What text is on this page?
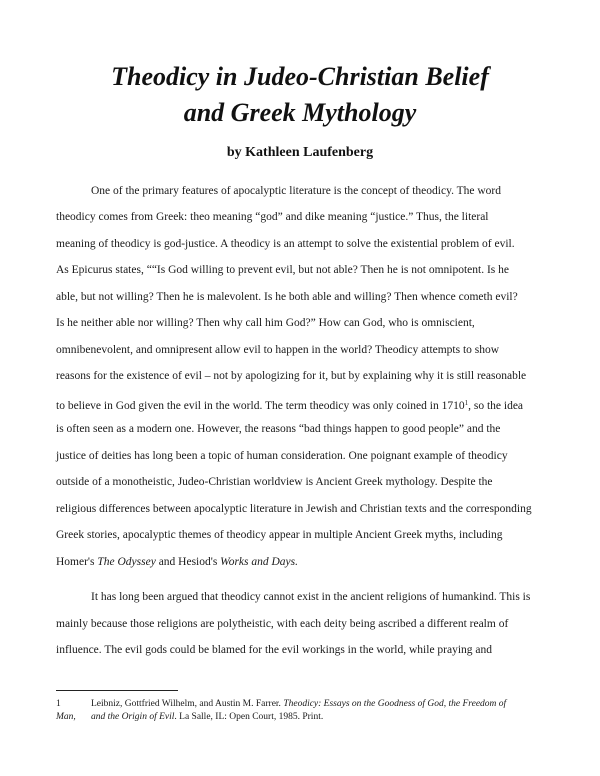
Theodicy in Judeo-Christian Belief
and Greek Mythology
by Kathleen Laufenberg
One of the primary features of apocalyptic literature is the concept of theodicy. The word
theodicy comes from Greek: theo meaning “god” and dike meaning “justice.” Thus, the literal
meaning of theodicy is god-justice. A theodicy is an attempt to solve the existential problem of evil.
As Epicurus states, ““Is God willing to prevent evil, but not able? Then he is not omnipotent. Is he
able, but not willing? Then he is malevolent. Is he both able and willing? Then whence cometh evil?
Is he neither able nor willing? Then why call him God?” How can God, who is omniscient,
omnibenevolent, and omnipresent allow evil to happen in the world? Theodicy attempts to show
reasons for the existence of evil – not by apologizing for it, but by explaining why it is still reasonable
to believe in God given the evil in the world. The term theodicy was only coined in 1710$^1$, so the idea
is often seen as a modern one. However, the reasons “bad things happen to good people” and the
justice of deities has long been a topic of human consideration. One poignant example of theodicy
outside of a monotheistic, Judeo-Christian worldview is Ancient Greek mythology. Despite the
religious differences between apocalyptic literature in Jewish and Christian texts and the corresponding
Greek stories, apocalyptic themes of theodicy appear in multiple Ancient Greek myths, including
Homer's The Odyssey and Hesiod's Works and Days.
It has long been argued that theodicy cannot exist in the ancient religions of humankind. This is
mainly because those religions are polytheistic, with each deity being ascribed a different realm of
influence. The evil gods could be blamed for the evil workings in the world, while praying and
1	Leibniz, Gottfried Wilhelm, and Austin M. Farrer. Theodicy: Essays on the Goodness of God, the Freedom of
Man, and the Origin of Evil. La Salle, IL: Open Court, 1985. Print.
